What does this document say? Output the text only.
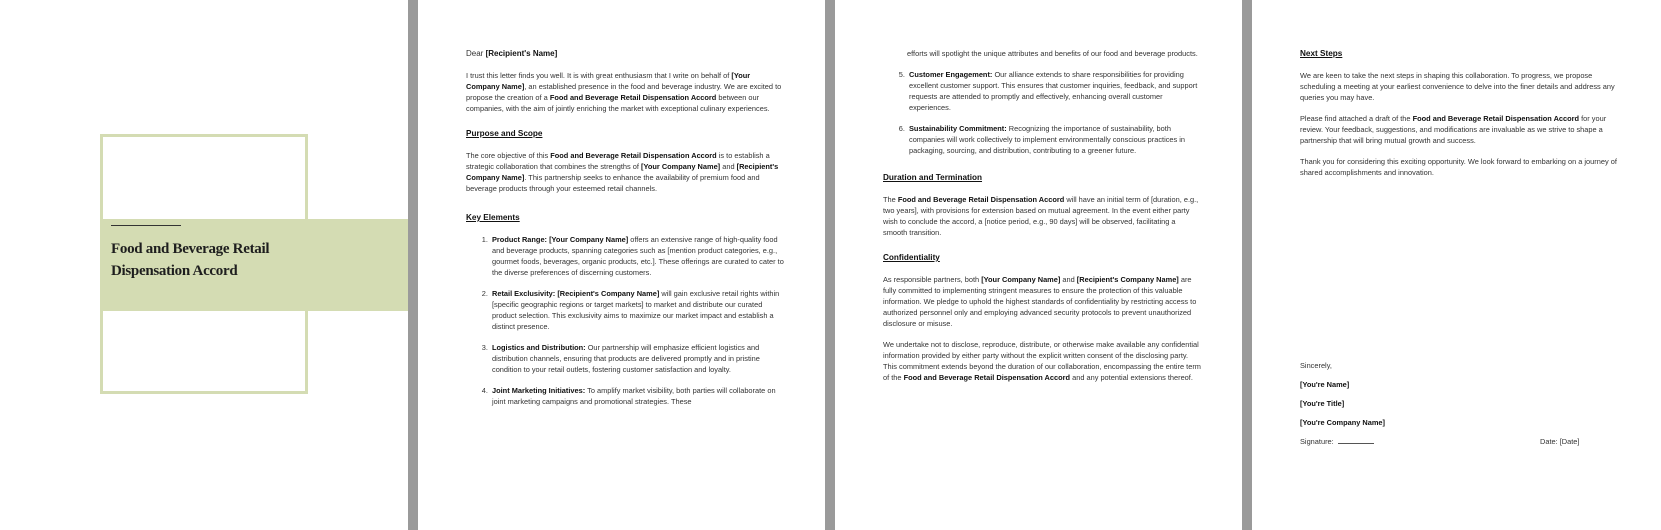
Food and Beverage Retail Dispensation Accord
Dear [Recipient's Name]

I trust this letter finds you well. It is with great enthusiasm that I write on behalf of [Your Company Name], an established presence in the food and beverage industry. We are excited to propose the creation of a Food and Beverage Retail Dispensation Accord between our companies, with the aim of jointly enriching the market with exceptional culinary experiences.

Purpose and Scope

The core objective of this Food and Beverage Retail Dispensation Accord is to establish a strategic collaboration that combines the strengths of [Your Company Name] and [Recipient's Company Name]. This partnership seeks to enhance the availability of premium food and beverage products through your esteemed retail channels.

Key Elements
1. Product Range: [Your Company Name] offers an extensive range of high-quality food and beverage products, spanning categories such as [mention product categories, e.g., gourmet foods, beverages, organic products, etc.]. These offerings are curated to cater to the diverse preferences of discerning customers.
2. Retail Exclusivity: [Recipient's Company Name] will gain exclusive retail rights within [specific geographic regions or target markets] to market and distribute our curated product selection. This exclusivity aims to maximize our market impact and establish a distinct presence.
3. Logistics and Distribution: Our partnership will emphasize efficient logistics and distribution channels, ensuring that products are delivered promptly and in pristine condition to your retail outlets, fostering customer satisfaction and loyalty.
4. Joint Marketing Initiatives: To amplify market visibility, both parties will collaborate on joint marketing campaigns and promotional strategies. These
efforts will spotlight the unique attributes and benefits of our food and beverage products.
5. Customer Engagement: Our alliance extends to share responsibilities for providing excellent customer support. This ensures that customer inquiries, feedback, and support requests are attended to promptly and effectively, enhancing overall customer experiences.
6. Sustainability Commitment: Recognizing the importance of sustainability, both companies will work collectively to implement environmentally conscious practices in packaging, sourcing, and distribution, contributing to a greener future.
Duration and Termination

The Food and Beverage Retail Dispensation Accord will have an initial term of [duration, e.g., two years], with provisions for extension based on mutual agreement. In the event either party wish to conclude the accord, a [notice period, e.g., 90 days] will be observed, facilitating a smooth transition.

Confidentiality

As responsible partners, both [Your Company Name] and [Recipient's Company Name] are fully committed to implementing stringent measures to ensure the protection of this valuable information. We pledge to uphold the highest standards of confidentiality by restricting access to authorized personnel only and employing advanced security protocols to prevent unauthorized disclosure or misuse.

We undertake not to disclose, reproduce, distribute, or otherwise make available any confidential information provided by either party without the explicit written consent of the disclosing party. This commitment extends beyond the duration of our collaboration, encompassing the entire term of the Food and Beverage Retail Dispensation Accord and any potential extensions thereof.

Next Steps

We are keen to take the next steps in shaping this collaboration. To progress, we propose scheduling a meeting at your earliest convenience to delve into the finer details and address any queries you may have.

Please find attached a draft of the Food and Beverage Retail Dispensation Accord for your review. Your feedback, suggestions, and modifications are invaluable as we strive to shape a partnership that will bring mutual growth and success.

Thank you for considering this exciting opportunity. We look forward to embarking on a journey of shared accomplishments and innovation.

Sincerely,
[You're Name]
[You're Title]
[You're Company Name]
Signature:	Date: [Date]
